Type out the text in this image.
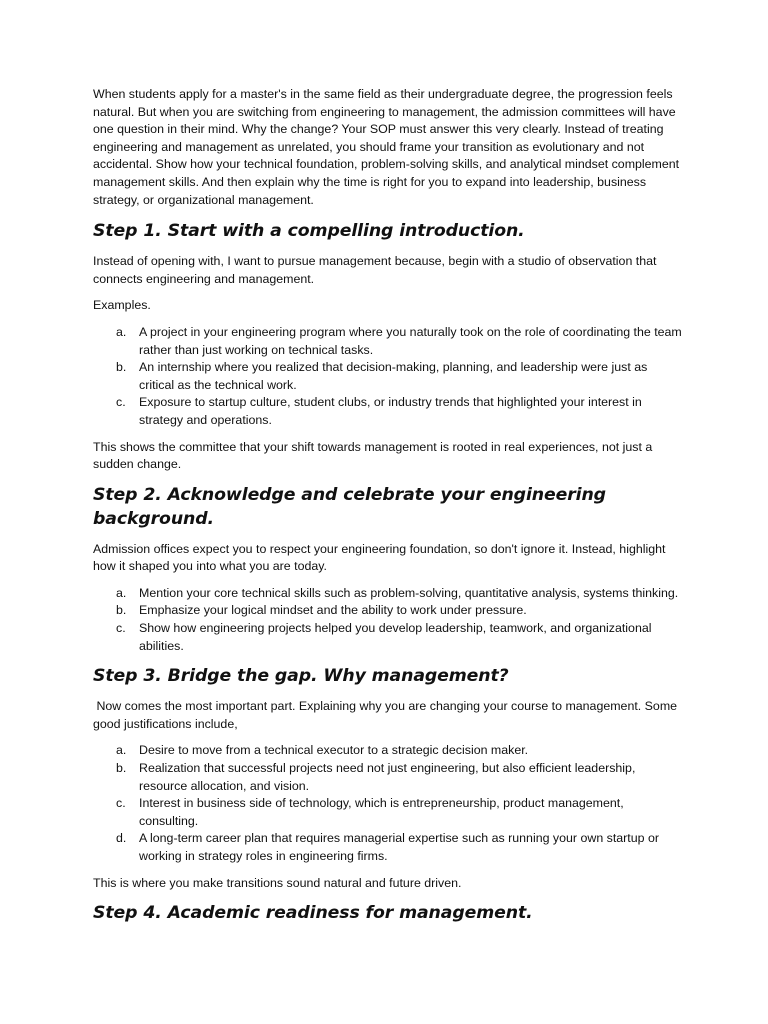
When students apply for a master's in the same field as their undergraduate degree, the progression feels natural. But when you are switching from engineering to management, the admission committees will have one question in their mind. Why the change? Your SOP must answer this very clearly. Instead of treating engineering and management as unrelated, you should frame your transition as evolutionary and not accidental. Show how your technical foundation, problem-solving skills, and analytical mindset complement management skills. And then explain why the time is right for you to expand into leadership, business strategy, or organizational management.

Step 1. Start with a compelling introduction.

Instead of opening with, I want to pursue management because, begin with a studio of observation that connects engineering and management.

Examples.

a. A project in your engineering program where you naturally took on the role of coordinating the team rather than just working on technical tasks.
b. An internship where you realized that decision-making, planning, and leadership were just as critical as the technical work.
c. Exposure to startup culture, student clubs, or industry trends that highlighted your interest in strategy and operations.

This shows the committee that your shift towards management is rooted in real experiences, not just a sudden change.

Step 2. Acknowledge and celebrate your engineering background.

Admission offices expect you to respect your engineering foundation, so don't ignore it. Instead, highlight how it shaped you into what you are today.

a. Mention your core technical skills such as problem-solving, quantitative analysis, systems thinking.
b. Emphasize your logical mindset and the ability to work under pressure.
c. Show how engineering projects helped you develop leadership, teamwork, and organizational abilities.
Step 3. Bridge the gap. Why management?

Now comes the most important part. Explaining why you are changing your course to management. Some good justifications include,

a. Desire to move from a technical executor to a strategic decision maker.
b. Realization that successful projects need not just engineering, but also efficient leadership, resource allocation, and vision.
c. Interest in business side of technology, which is entrepreneurship, product management, consulting.
d. A long-term career plan that requires managerial expertise such as running your own startup or working in strategy roles in engineering firms.

This is where you make transitions sound natural and future driven.

Step 4. Academic readiness for management.
